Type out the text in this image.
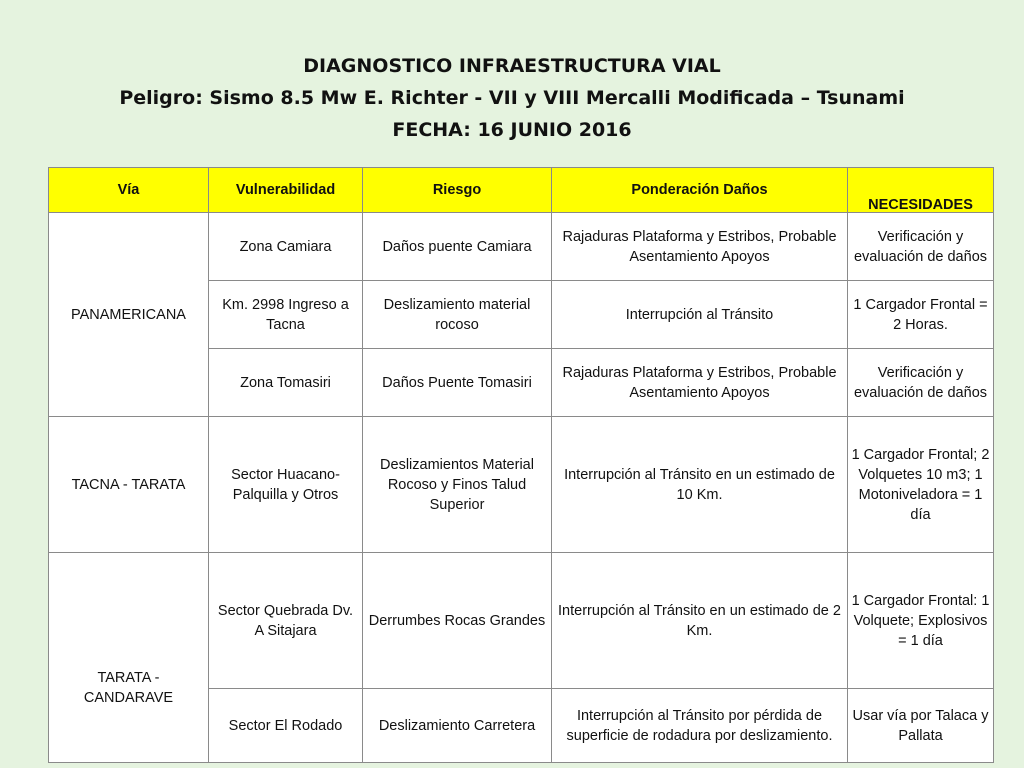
DIAGNOSTICO INFRAESTRUCTURA VIAL
Peligro: Sismo 8.5 Mw E. Richter - VII y VIII Mercalli Modificada – Tsunami
FECHA: 16 JUNIO 2016
Vía	Vulnerabilidad	Riesgo	Ponderación Daños	NECESIDADES

PANAMERICANA	Zona Camiara	Daños puente Camiara	Rajaduras Plataforma y Estribos, Probable Asentamiento Apoyos	Verificación y evaluación de daños
	Km. 2998 Ingreso a Tacna	Deslizamiento material rocoso	Interrupción al Tránsito	1 Cargador Frontal = 2 Horas.
	Zona Tomasiri	Daños Puente Tomasiri	Rajaduras Plataforma y Estribos, Probable Asentamiento Apoyos	Verificación y evaluación de daños
TACNA - TARATA	Sector Huacano-Palquilla y Otros	Deslizamientos Material Rocoso y Finos Talud Superior	Interrupción al Tránsito en un estimado de 10 Km.	1 Cargador Frontal; 2 Volquetes 10 m3; 1 Motoniveladora = 1 día
TARATA - CANDARAVE	Sector Quebrada Dv. A Sitajara	Derrumbes Rocas Grandes	Interrupción al Tránsito en un estimado de 2 Km.	1 Cargador Frontal: 1 Volquete; Explosivos = 1 día
	Sector El Rodado	Deslizamiento Carretera	Interrupción al Tránsito por pérdida de superficie de rodadura por deslizamiento.	Usar vía por Talaca y Pallata
